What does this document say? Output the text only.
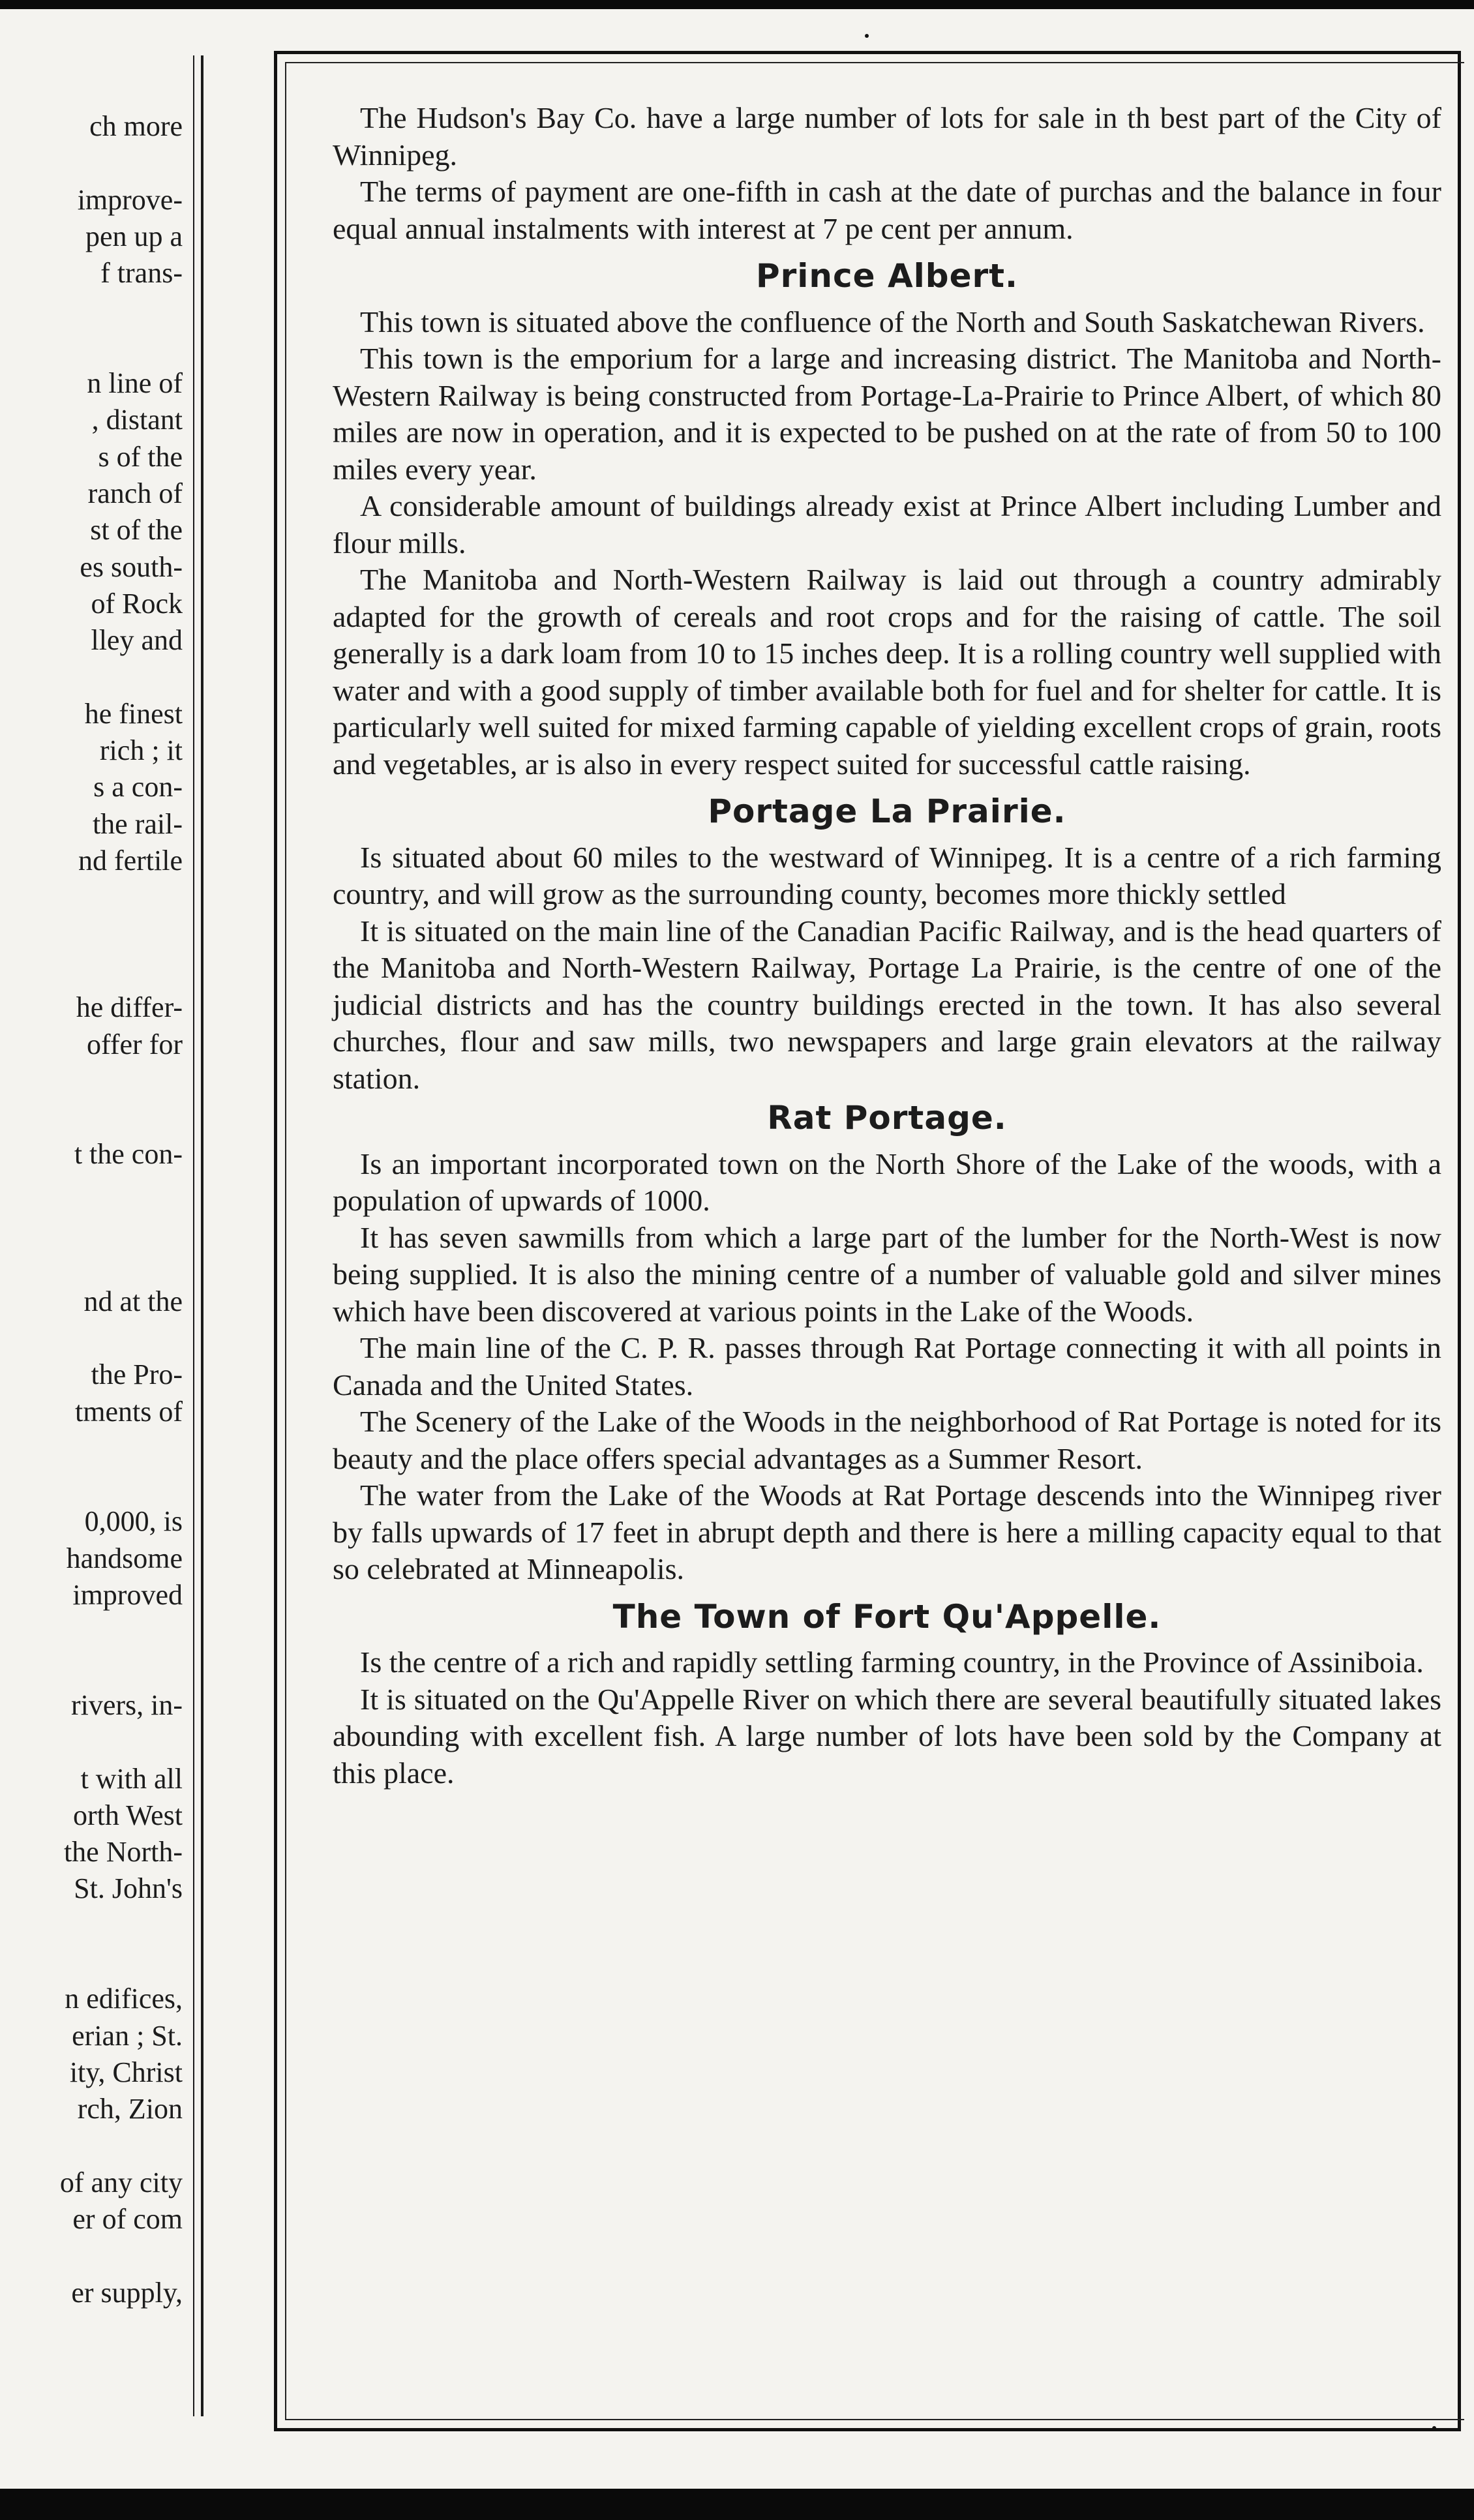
ch more
improve-
pen up a
f trans-
n line of
, distant
s of the
ranch of
st of the
es south-
of Rock
lley and
he finest
rich ; it
s a con-
the rail-
nd fertile
he differ-
offer for
t the con-
nd at the
the Pro-
tments of
0,000, is
handsome
improved
rivers, in-
t with all
orth West
the North-
St. John's
n edifices,
erian ; St.
ity, Christ
rch, Zion
of any city
er of com
er supply,

The Hudson's Bay Co. have a large number of lots for sale in th best part of the City of Winnipeg.

The terms of payment are one-fifth in cash at the date of purchas and the balance in four equal annual instalments with interest at 7 pe cent per annum.

Prince Albert.

This town is situated above the confluence of the North and South Saskatchewan Rivers.

This town is the emporium for a large and increasing district. The Manitoba and North-Western Railway is being constructed from Portage-La-Prairie to Prince Albert, of which 80 miles are now in operation, and it is expected to be pushed on at the rate of from 50 to 100 miles every year.

A considerable amount of buildings already exist at Prince Albert including Lumber and flour mills.

The Manitoba and North-Western Railway is laid out through a country admirably adapted for the growth of cereals and root crops and for the raising of cattle. The soil generally is a dark loam from 10 to 15 inches deep. It is a rolling country well supplied with water and with a good supply of timber available both for fuel and for shelter for cattle. It is particularly well suited for mixed farming capable of yielding excellent crops of grain, roots and vegetables, ar is also in every respect suited for successful cattle raising.

Portage La Prairie.

Is situated about 60 miles to the westward of Winnipeg. It is a centre of a rich farming country, and will grow as the surrounding county, becomes more thickly settled

It is situated on the main line of the Canadian Pacific Railway, and is the head quarters of the Manitoba and North-Western Railway, Portage La Prairie, is the centre of one of the judicial districts and has the country buildings erected in the town. It has also several churches, flour and saw mills, two newspapers and large grain elevators at the railway station.

Rat Portage.

Is an important incorporated town on the North Shore of the Lake of the woods, with a population of upwards of 1000.

It has seven sawmills from which a large part of the lumber for the North-West is now being supplied. It is also the mining centre of a number of valuable gold and silver mines which have been discovered at various points in the Lake of the Woods.

The main line of the C. P. R. passes through Rat Portage connecting it with all points in Canada and the United States.

The Scenery of the Lake of the Woods in the neighborhood of Rat Portage is noted for its beauty and the place offers special advantages as a Summer Resort.

The water from the Lake of the Woods at Rat Portage descends into the Winnipeg river by falls upwards of 17 feet in abrupt depth and there is here a milling capacity equal to that so celebrated at Minneapolis.

The Town of Fort Qu'Appelle.

Is the centre of a rich and rapidly settling farming country, in the Province of Assiniboia.

It is situated on the Qu'Appelle River on which there are several beautifully situated lakes abounding with excellent fish. A large number of lots have been sold by the Company at this place.
